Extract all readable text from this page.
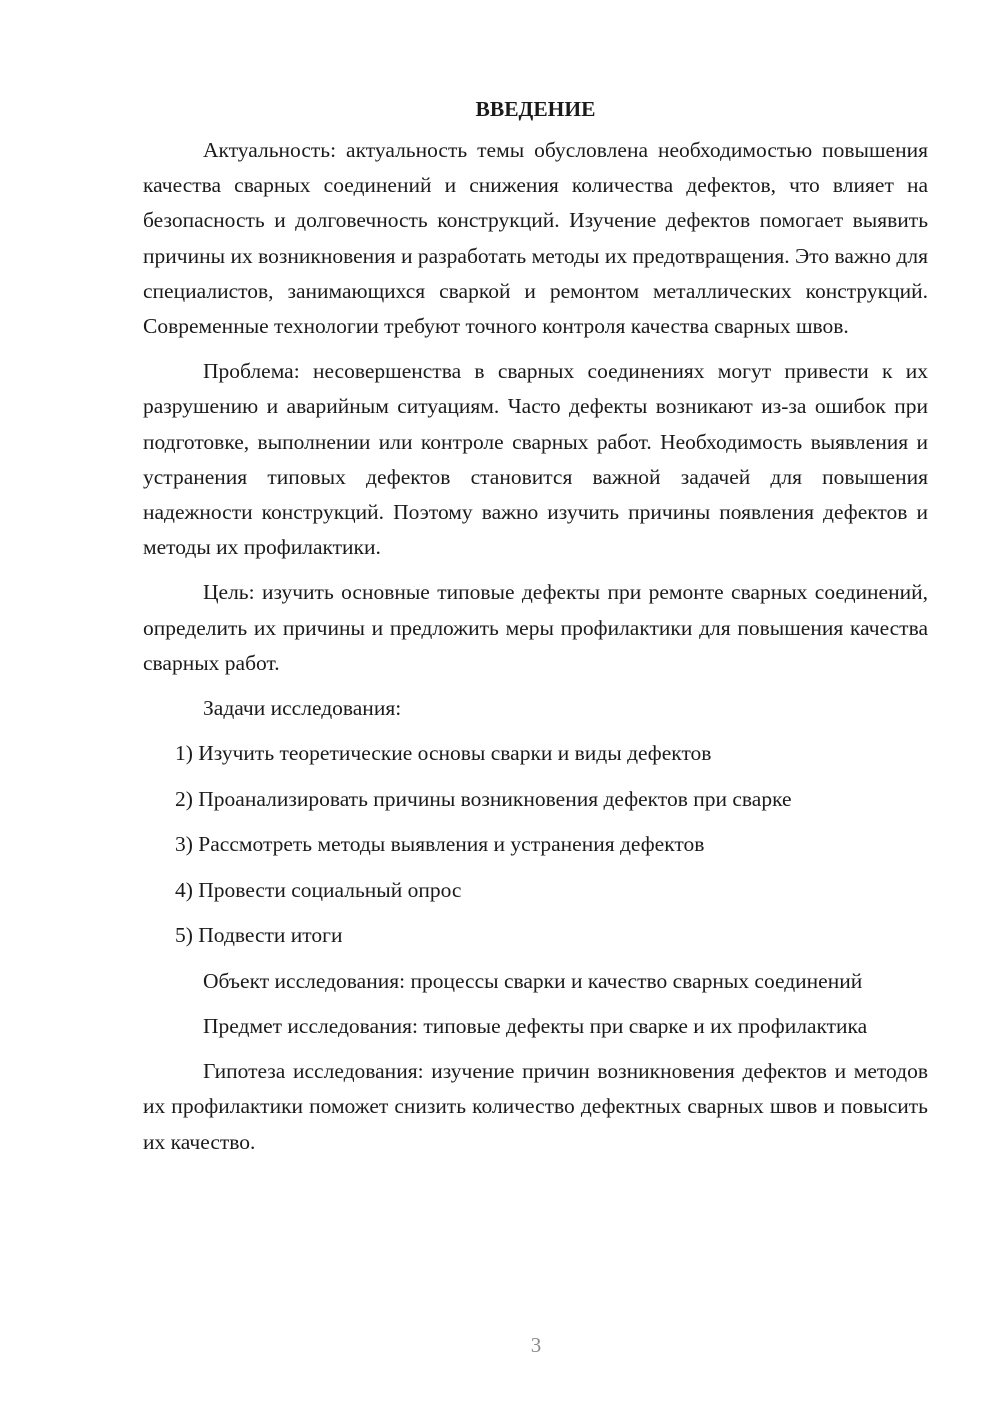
ВВЕДЕНИЕ

Актуальность: актуальность темы обусловлена необходимостью повышения качества сварных соединений и снижения количества дефектов, что влияет на безопасность и долговечность конструкций. Изучение дефектов помогает выявить причины их возникновения и разработать методы их предотвращения. Это важно для специалистов, занимающихся сваркой и ремонтом металлических конструкций. Современные технологии требуют точного контроля качества сварных швов.

Проблема: несовершенства в сварных соединениях могут привести к их разрушению и аварийным ситуациям. Часто дефекты возникают из-за ошибок при подготовке, выполнении или контроле сварных работ. Необходимость выявления и устранения типовых дефектов становится важной задачей для повышения надежности конструкций. Поэтому важно изучить причины появления дефектов и методы их профилактики.

Цель: изучить основные типовые дефекты при ремонте сварных соединений, определить их причины и предложить меры профилактики для повышения качества сварных работ.

Задачи исследования:

1) Изучить теоретические основы сварки и виды дефектов
2) Проанализировать причины возникновения дефектов при сварке
3) Рассмотреть методы выявления и устранения дефектов
4) Провести социальный опрос
5) Подвести итоги

Объект исследования: процессы сварки и качество сварных соединений

Предмет исследования: типовые дефекты при сварке и их профилактика

Гипотеза исследования: изучение причин возникновения дефектов и методов их профилактики поможет снизить количество дефектных сварных швов и повысить их качество.

3
